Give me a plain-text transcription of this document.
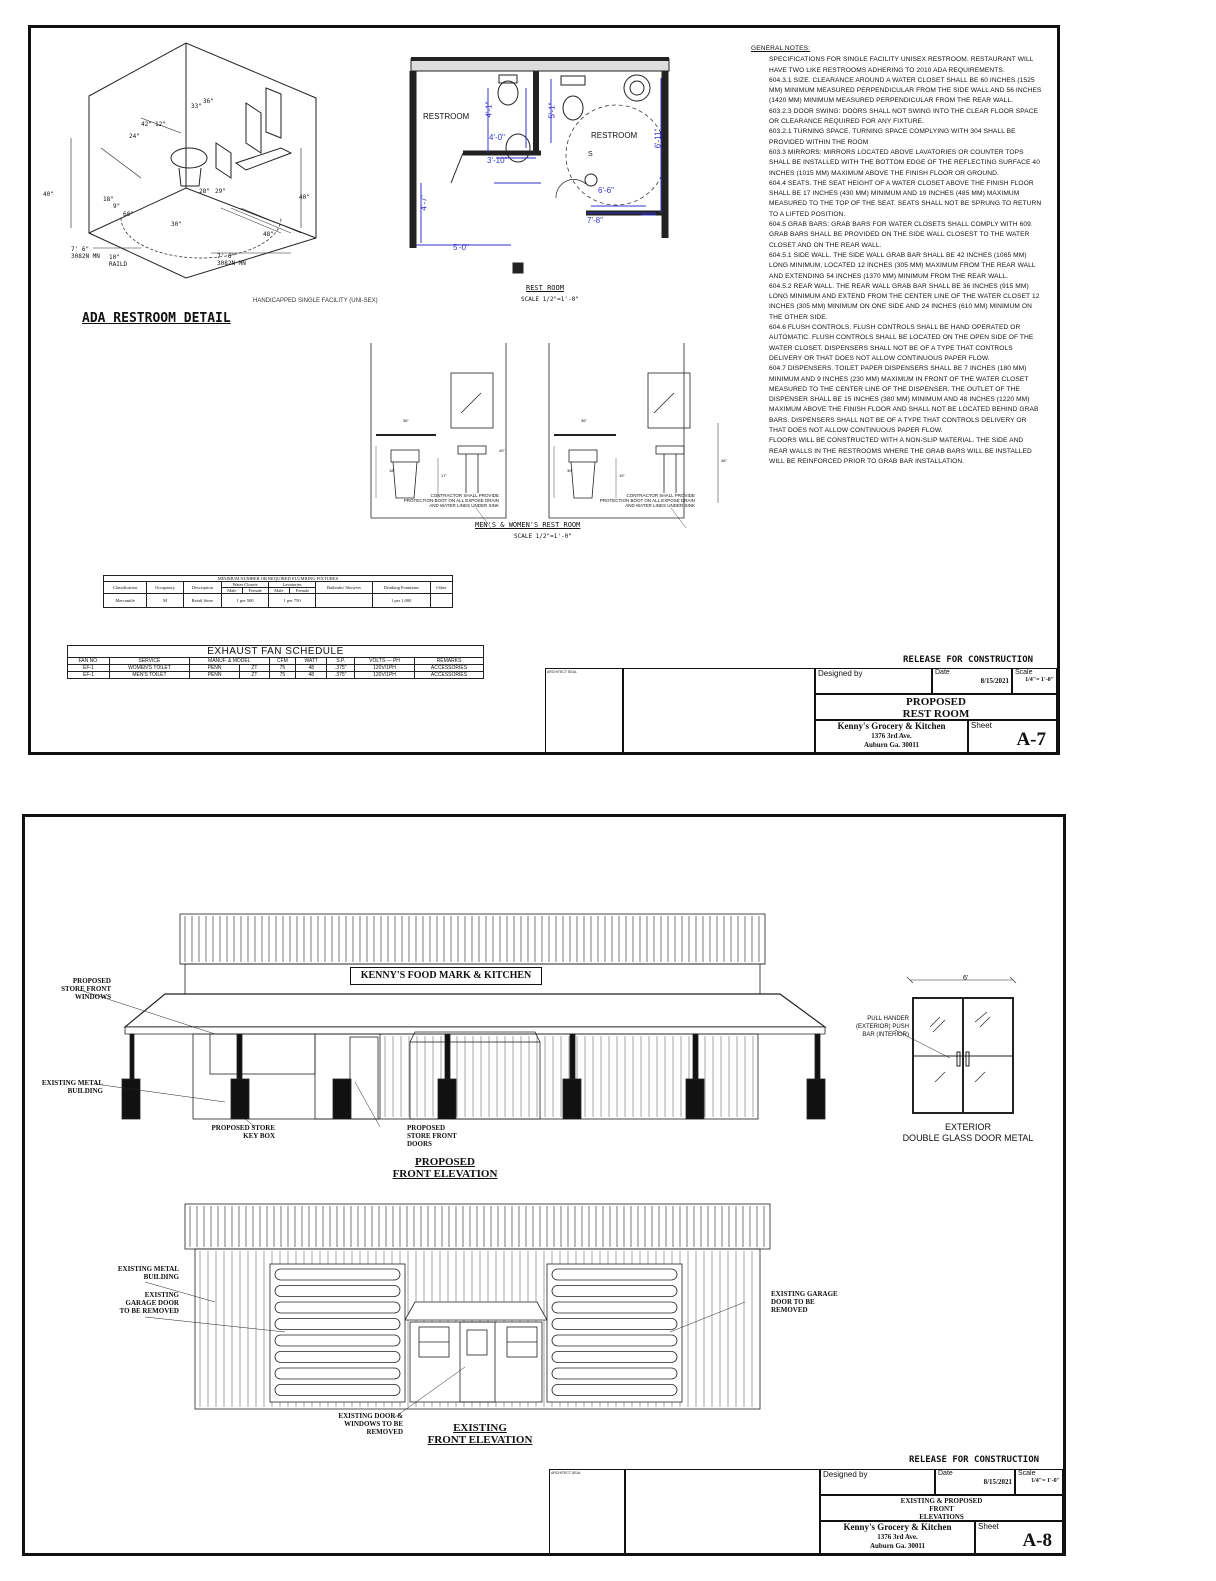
7' 6"
3082N MN 10"
RAILD
7' 6"
3082N MN
40"	40"
48"
28" 29"
36"
42"
60"
30"
24"
12"
33"
18"
9"
HANDICAPPED SINGLE FACILITY (UNI-SEX)
ADA RESTROOM DETAIL
RESTROOM
RESTROOM
S
4'-1"
4'-0"
3'-10"
5'-1"
6'-11"
6'-6"
7'-8"
4'-7"
5'-0"
REST ROOM
SCALE 1/2"=1'-0"
CONTRACTOR SHALL PROVIDE PROTECTION BOOT ON ALL EXPOSE DRAIN AND WATER LINES UNDER SINK
CONTRACTOR SHALL PROVIDE PROTECTION BOOT ON ALL EXPOSE DRAIN AND WATER LINES UNDER SINK
36"	36"
17"
48"
18"	30"
19"
40"
MEN'S & WOMEN'S REST ROOM
SCALE 1/2"=1'-0"
GENERAL NOTES:

SPECIFICATIONS FOR SINGLE FACILITY UNISEX RESTROOM. RESTAURANT WILL HAVE TWO LIKE RESTROOMS ADHERING TO 2010 ADA REQUIREMENTS.

604.3.1 SIZE. CLEARANCE AROUND A WATER CLOSET SHALL BE 60 INCHES (1525 MM) MINIMUM MEASURED PERPENDICULAR FROM THE SIDE WALL AND 56 INCHES (1420 MM) MINIMUM MEASURED PERPENDICULAR FROM THE REAR WALL.

603.2.3 DOOR SWING: DOORS SHALL NOT SWING INTO THE CLEAR FLOOR SPACE OR CLEARANCE REQUIRED FOR ANY FIXTURE.

603.2.1 TURNING SPACE. TURNING SPACE COMPLYING WITH 304 SHALL BE PROVIDED WITHIN THE ROOM

603.3 MIRRORS: MIRRORS LOCATED ABOVE LAVATORIES OR COUNTER TOPS SHALL BE INSTALLED WITH THE BOTTOM EDGE OF THE REFLECTING SURFACE 40 INCHES (1015 MM) MAXIMUM ABOVE THE FINISH FLOOR OR GROUND.

604.4 SEATS. THE SEAT HEIGHT OF A WATER CLOSET ABOVE THE FINISH FLOOR SHALL BE 17 INCHES (430 MM) MINIMUM AND 19 INCHES (485 MM) MAXIMUM MEASURED TO THE TOP OF THE SEAT. SEATS SHALL NOT BE SPRUNG TO RETURN TO A LIFTED POSITION.

604.5 GRAB BARS: GRAB BARS FOR WATER CLOSETS SHALL COMPLY WITH 609. GRAB BARS SHALL BE PROVIDED ON THE SIDE WALL CLOSEST TO THE WATER CLOSET AND ON THE REAR WALL.

604.5.1 SIDE WALL. THE SIDE WALL GRAB BAR SHALL BE 42 INCHES (1065 MM) LONG MINIMUM, LOCATED 12 INCHES (305 MM) MAXIMUM FROM THE REAR WALL AND EXTENDING 54 INCHES (1370 MM) MINIMUM FROM THE REAR WALL.

604.5.2 REAR WALL. THE REAR WALL GRAB BAR SHALL BE 36 INCHES (915 MM) LONG MINIMUM AND EXTEND FROM THE CENTER LINE OF THE WATER CLOSET 12 INCHES (305 MM) MINIMUM ON ONE SIDE AND 24 INCHES (610 MM) MINIMUM ON THE OTHER SIDE.

604.6 FLUSH CONTROLS. FLUSH CONTROLS SHALL BE HAND OPERATED OR AUTOMATIC. FLUSH CONTROLS SHALL BE LOCATED ON THE OPEN SIDE OF THE WATER CLOSET. DISPENSERS SHALL NOT BE OF A TYPE THAT CONTROLS DELIVERY OR THAT DOES NOT ALLOW CONTINUOUS PAPER FLOW.

604.7 DISPENSERS. TOILET PAPER DISPENSERS SHALL BE 7 INCHES (180 MM) MINIMUM AND 9 INCHES (230 MM) MAXIMUM IN FRONT OF THE WATER CLOSET MEASURED TO THE CENTER LINE OF THE DISPENSER. THE OUTLET OF THE DISPENSER SHALL BE 15 INCHES (380 MM) MINIMUM AND 48 INCHES (1220 MM) MAXIMUM ABOVE THE FINISH FLOOR AND SHALL NOT BE LOCATED BEHIND GRAB BARS. DISPENSERS SHALL NOT BE OF A TYPE THAT CONTROLS DELIVERY OR THAT DOES NOT ALLOW CONTINUOUS PAPER FLOW.

FLOORS WILL BE CONSTRUCTED WITH A NON-SLIP MATERIAL. THE SIDE AND REAR WALLS IN THE RESTROOMS WHERE THE GRAB BARS WILL BE INSTALLED WILL BE REINFORCED PRIOR TO GRAB BAR INSTALLATION.

MINIMUM NUMBER OR REQUIRED PLUMBING FIXTURES									
Classification	Occupancy	Description	Water Closets		Lavatories		Bathtubs/ Showers	Drinking Fountains	Other
			Male	Female	Male	Female			
Mercantile	M	Retail Store	1 per 500		1 per 750			1 per 1,000	
EXHAUST FAN SCHEDULE								
FAN NO.	SERVICE	MANUF. & MODEL		CFM	WATT	S.P.	VOLTS — PH	REMARKS
EF-1	WOMEN'S TOILET	PENN	ZT	75	48	.375"	120V/1PH	ACCESSORIES
EF-1	MEN'S TOILET	PENN	ZT	75	48	.375"	120V/1PH	ACCESSORIES
RELEASE FOR CONSTRUCTION
ARCHITECT SEAL	Designed by	Date
8/15/2021
Scale
1/4"= 1'-0"
PROPOSED
REST ROOM
Kenny's Grocery & Kitchen
1376 3rd Ave.
Auburn Ga. 30011
Sheet
A-7
KENNY'S FOOD MARK & KITCHEN
PROPOSED STORE FRONT WINDOWS
EXISTING METAL BUILDING
PROPOSED STORE KEY BOX
PROPOSED STORE FRONT DOORS
PROPOSED
FRONT ELEVATION
6'
PULL HANDER (EXTERIOR) PUSH BAR (INTERIOR)
EXTERIOR
DOUBLE GLASS DOOR METAL
EXISTING METAL BUILDING
EXISTING GARAGE DOOR TO BE REMOVED
EXISTING GARAGE DOOR TO BE REMOVED
EXISTING DOOR & WINDOWS TO BE REMOVED	EXISTING
FRONT ELEVATION
RELEASE FOR CONSTRUCTION
ARCHITECT SEAL	Designed by	Date
8/15/2021
Scale
1/4"= 1'-0"
EXISTING & PROPOSED
FRONT
ELEVATIONS
Kenny's Grocery & Kitchen
1376 3rd Ave.
Auburn Ga. 30011
Sheet
A-8
